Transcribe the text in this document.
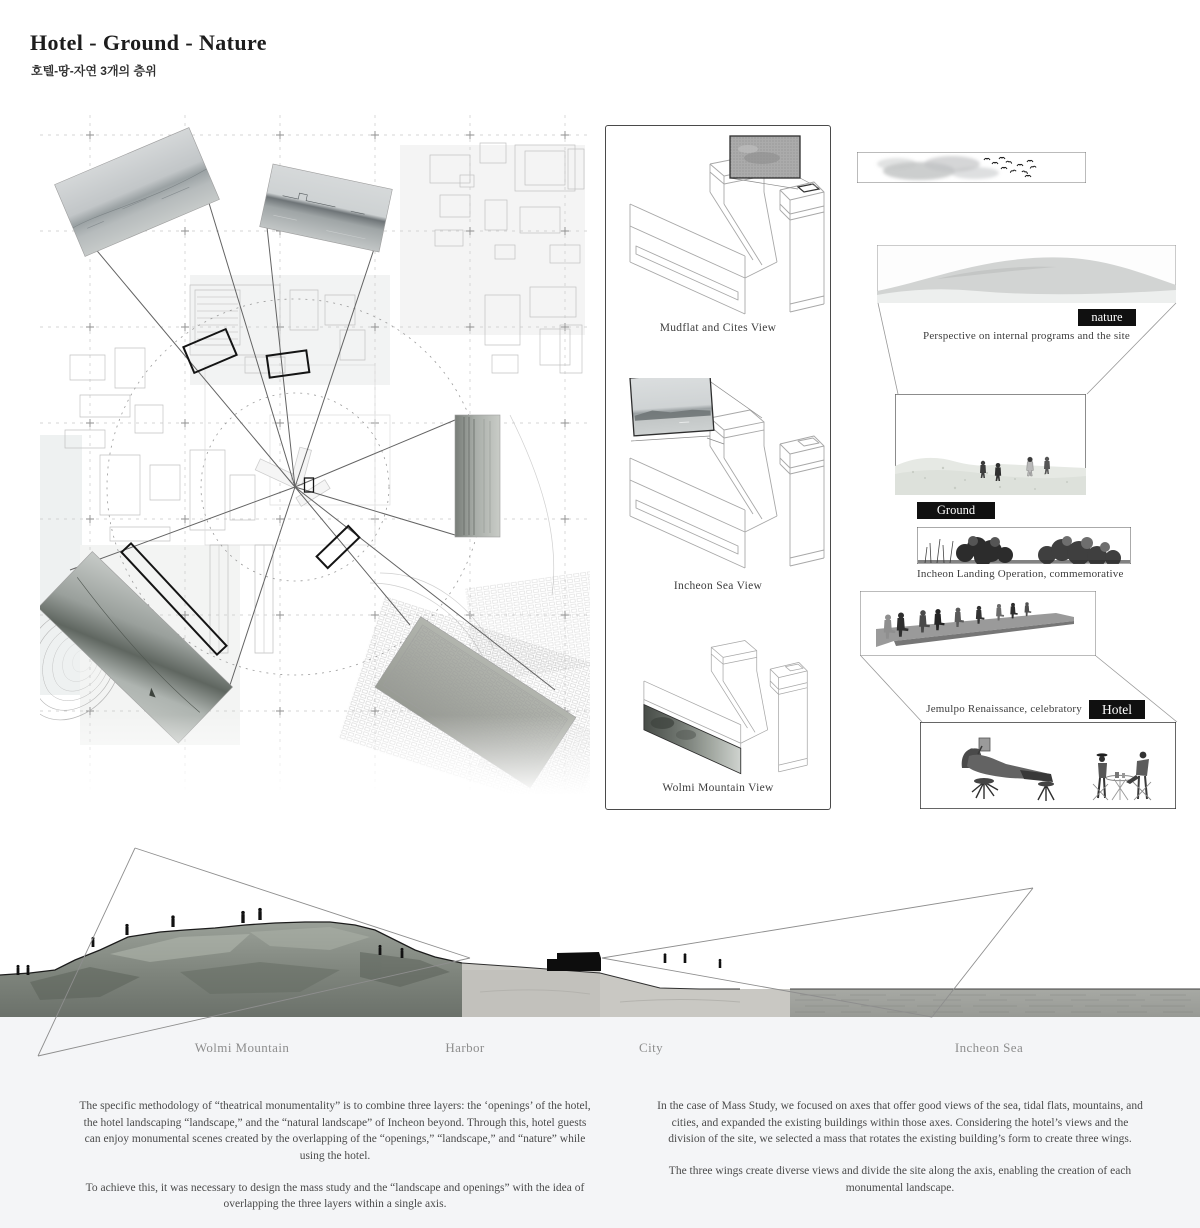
Hotel - Ground - Nature
호텔-땅-자연 3개의 층위
Mudflat and Cites View
Incheon Sea View
Wolmi Mountain View
nature
Perspective on internal programs and the site
Ground
Incheon Landing Operation, commemorative
Jemulpo Renaissance, celebratory	Hotel
Wolmi Mountain	Harbor	City	Incheon Sea

The specific methodology of “theatrical monumentality” is to combine three layers: the ‘openings’ of the hotel, the hotel landscaping “landscape,” and the “natural landscape” of Incheon beyond. Through this, hotel guests can enjoy monumental scenes created by the overlapping of the “openings,” “landscape,” and “nature” while using the hotel.

To achieve this, it was necessary to design the mass study and the “landscape and openings” with the idea of overlapping the three layers within a single axis.

In the case of Mass Study, we focused on axes that offer good views of the sea, tidal flats, mountains, and cities, and expanded the existing buildings within those axes. Considering the hotel’s views and the division of the site, we selected a mass that rotates the existing building’s form to create three wings.

The three wings create diverse views and divide the site along the axis, enabling the creation of each monumental landscape.
